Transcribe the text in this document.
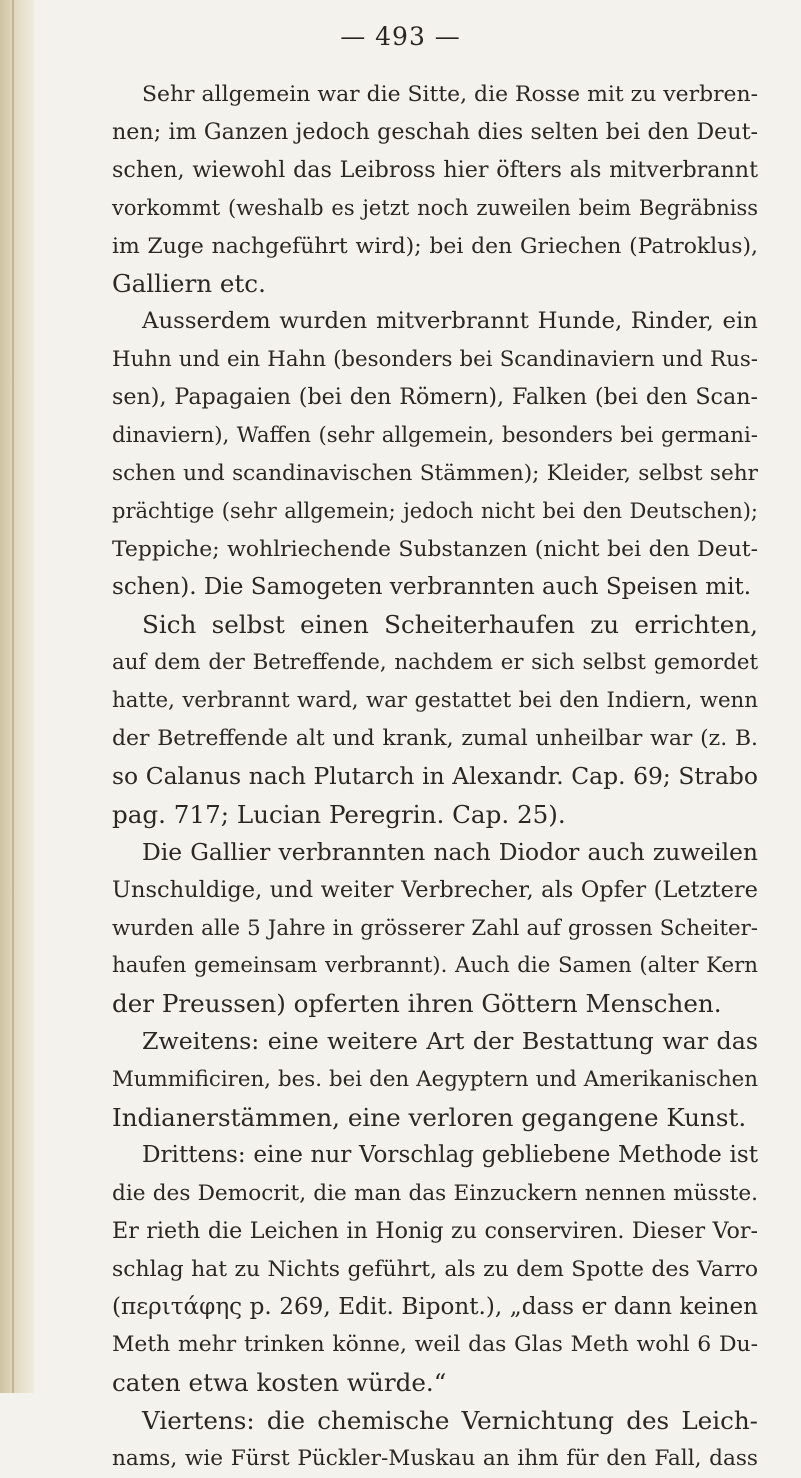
— 493 —
Sehr allgemein war die Sitte, die Rosse mit zu verbren-
nen; im Ganzen jedoch geschah dies selten bei den Deut-
schen, wiewohl das Leibross hier öfters als mitverbrannt
vorkommt (weshalb es jetzt noch zuweilen beim Begräbniss
im Zuge nachgeführt wird); bei den Griechen (Patroklus),
Galliern etc.
Ausserdem wurden mitverbrannt Hunde, Rinder, ein
Huhn und ein Hahn (besonders bei Scandinaviern und Rus-
sen), Papagaien (bei den Römern), Falken (bei den Scan-
dinaviern), Waffen (sehr allgemein, besonders bei germani-
schen und scandinavischen Stämmen); Kleider, selbst sehr
prächtige (sehr allgemein; jedoch nicht bei den Deutschen);
Teppiche; wohlriechende Substanzen (nicht bei den Deut-
schen). Die Samogeten verbrannten auch Speisen mit.
Sich selbst einen Scheiterhaufen zu errichten,
auf dem der Betreffende, nachdem er sich selbst gemordet
hatte, verbrannt ward, war gestattet bei den Indiern, wenn
der Betreffende alt und krank, zumal unheilbar war (z. B.
so Calanus nach Plutarch in Alexandr. Cap. 69; Strabo
pag. 717; Lucian Peregrin. Cap. 25).
Die Gallier verbrannten nach Diodor auch zuweilen
Unschuldige, und weiter Verbrecher, als Opfer (Letztere
wurden alle 5 Jahre in grösserer Zahl auf grossen Scheiter-
haufen gemeinsam verbrannt). Auch die Samen (alter Kern
der Preussen) opferten ihren Göttern Menschen.
Zweitens: eine weitere Art der Bestattung war das
Mummificiren, bes. bei den Aegyptern und Amerikanischen
Indianerstämmen, eine verloren gegangene Kunst.
Drittens: eine nur Vorschlag gebliebene Methode ist
die des Democrit, die man das Einzuckern nennen müsste.
Er rieth die Leichen in Honig zu conserviren. Dieser Vor-
schlag hat zu Nichts geführt, als zu dem Spotte des Varro
(περιτάφης p. 269, Edit. Bipont.), „dass er dann keinen
Meth mehr trinken könne, weil das Glas Meth wohl 6 Du-
caten etwa kosten würde.“
Viertens: die chemische Vernichtung des Leich-
nams, wie Fürst Pückler-Muskau an ihm für den Fall, dass
